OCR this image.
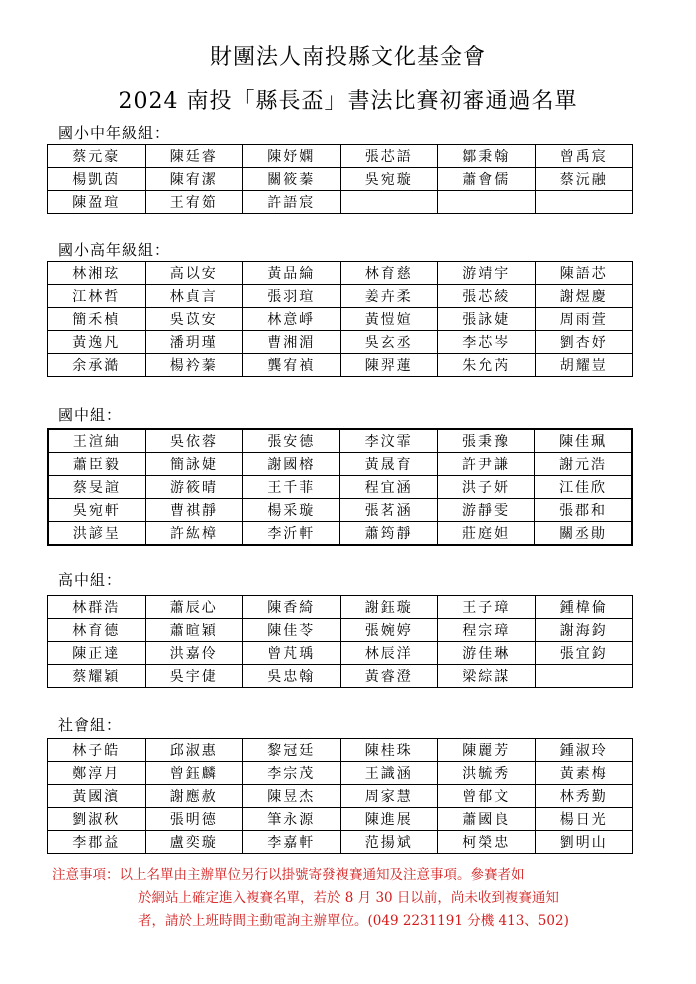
財團法人南投縣文化基金會
2024 南投「縣長盃」書法比賽初審通過名單
國小中年級組：
蔡元豪	陳廷睿	陳妤嫻	張芯語	鄒秉翰	曾禹宸
楊凱茵	陳宥潔	關筱蓁	吳宛璇	蕭會儒	蔡沅融
陳盈瑄	王宥筎	許語宸			
國小高年級組：
林湘玹	高以安	黃品綸	林育慈	游靖宇	陳語芯
江林哲	林貞言	張羽瑄	姜卉柔	張芯綾	謝煜慶
簡禾楨	吳苡安	林意崢	黃愷媗	張詠婕	周雨萱
黃逸凡	潘玥瑾	曹湘湄	吳玄丞	李芯岑	劉杏妤
余承澔	楊衿蓁	龔宥禎	陳羿蓮	朱允芮	胡耀豈
國中組：
王渲紬	吳依蓉	張安德	李汶霏	張秉豫	陳佳珮
蕭臣毅	簡詠婕	謝國榕	黃晟育	許尹謙	謝元浩
蔡旻諠	游筱晴	王千菲	程宜涵	洪子妍	江佳欣
吳宛軒	曹祺靜	楊采璇	張茗涵	游靜雯	張郡和
洪諺呈	許紘樟	李沂軒	蕭筠靜	莊庭妲	關丞勛
高中組：
林群浩	蕭辰心	陳香綺	謝鈺璇	王子璋	鍾椲倫
林育德	蕭暄穎	陳佳苓	張婉婷	程宗璋	謝海鈞
陳正達	洪嘉伶	曾芃瑀	林辰洋	游佳琳	張宜鈞
蔡耀穎	吳宇倢	吳忠翰	黃睿澄	梁綜謀	
社會組：
林子皓	邱淑惠	黎冠廷	陳桂珠	陳麗芳	鍾淑玲
鄭淳月	曾鈺麟	李宗茂	王識涵	洪毓秀	黃素梅
黃國濱	謝應赦	陳昱杰	周家慧	曾郁文	林秀勤
劉淑秋	張明德	筆永源	陳進展	蕭國良	楊日光
李郡益	盧奕璇	李嘉軒	范揚斌	柯榮忠	劉明山
注意事項：以上名單由主辦單位另行以掛號寄發複賽通知及注意事項。參賽者如
於網站上確定進入複賽名單，若於 8 月 30 日以前，尚未收到複賽通知
者，請於上班時間主動電詢主辦單位。(049 2231191 分機 413、502)
